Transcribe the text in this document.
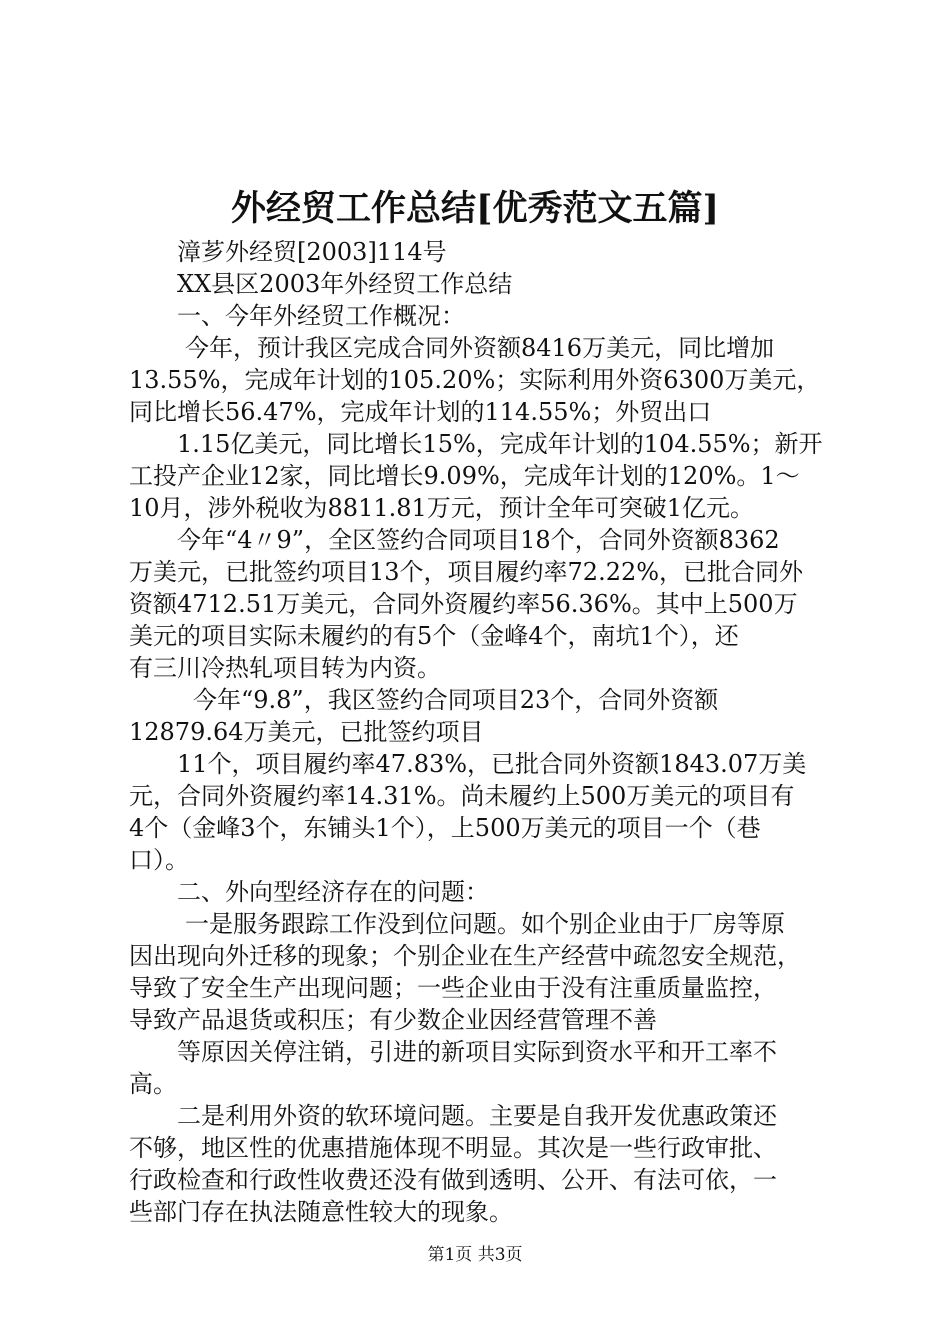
外经贸工作总结[优秀范文五篇]
漳芗外经贸[2003]114号
XX县区2003年外经贸工作总结
一、今年外经贸工作概况：
今年，预计我区完成合同外资额8416万美元，同比增加
13.55%，完成年计划的105.20%；实际利用外资6300万美元，
同比增长56.47%，完成年计划的114.55%；外贸出口
1.15亿美元，同比增长15%，完成年计划的104.55%；新开
工投产企业12家，同比增长9.09%，完成年计划的120%。1～
10月，涉外税收为8811.81万元，预计全年可突破1亿元。
今年“4〃9”，全区签约合同项目18个，合同外资额8362
万美元，已批签约项目13个，项目履约率72.22%，已批合同外
资额4712.51万美元，合同外资履约率56.36%。其中上500万
美元的项目实际未履约的有5个（金峰4个，南坑1个），还
有三川冷热轧项目转为内资。
今年“9.8”，我区签约合同项目23个，合同外资额
12879.64万美元，已批签约项目
11个，项目履约率47.83%，已批合同外资额1843.07万美
元，合同外资履约率14.31%。尚未履约上500万美元的项目有
4个（金峰3个，东铺头1个），上500万美元的项目一个（巷
口）。
二、外向型经济存在的问题：
一是服务跟踪工作没到位问题。如个别企业由于厂房等原
因出现向外迁移的现象；个别企业在生产经营中疏忽安全规范，
导致了安全生产出现问题；一些企业由于没有注重质量监控，
导致产品退货或积压；有少数企业因经营管理不善
等原因关停注销，引进的新项目实际到资水平和开工率不
高。
二是利用外资的软环境问题。主要是自我开发优惠政策还
不够，地区性的优惠措施体现不明显。其次是一些行政审批、
行政检查和行政性收费还没有做到透明、公开、有法可依，一
些部门存在执法随意性较大的现象。
第1页 共3页
